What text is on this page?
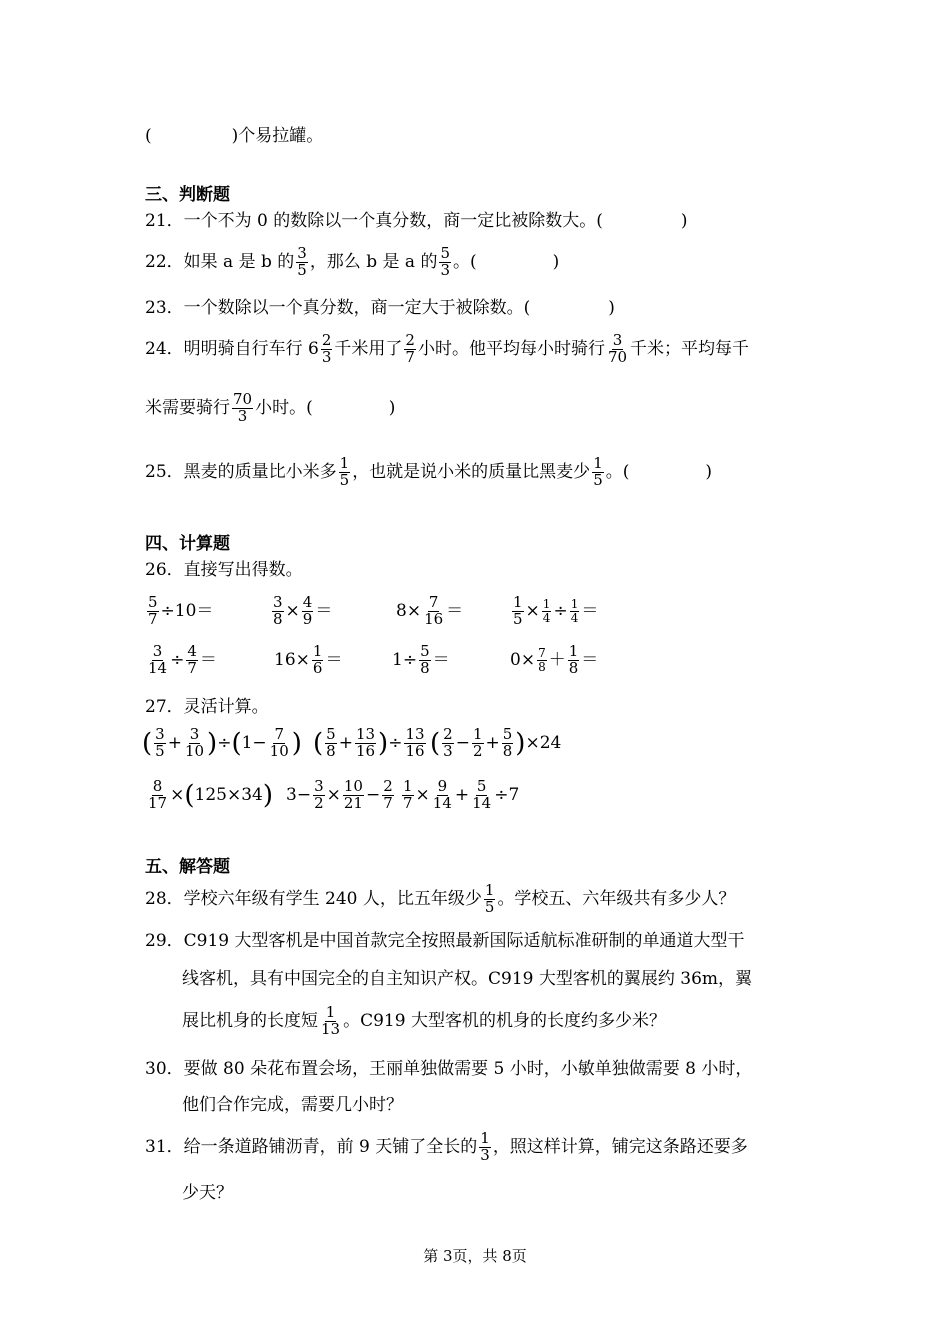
(	)个易拉罐。
三、判断题
21．一个不为 0 的数除以一个真分数，商一定比被除数大。(	)
22．如果 a 是 b 的 $\frac{3}{5}$ ，那么 b 是 a 的 $\frac{5}{3}$ 。(	)
23．一个数除以一个真分数，商一定大于被除数。(	)
24．明明骑自行车行 $6 \frac{2}{3}$ 千米用了 $\frac{2}{7}$ 小时。他平均每小时骑行 $\frac{3}{70}$ 千米；平均每千
米需要骑行 $\frac{70}{3}$ 小时。(	)
25．黑麦的质量比小米多 $\frac{1}{5}$ ，也就是说小米的质量比黑麦少 $\frac{1}{5}$ 。(	)
四、计算题
26．直接写出得数。
$\frac{5}{7} \div 10=$	$\frac{3}{8} \times \frac{4}{9}$ ＝	$8\times \frac{7}{16}$ ＝	$\frac{1}{5} \times \frac{1}{4} \div \frac{1}{4}$ ＝
$\frac{3}{14} \div \frac{4}{7}$ ＝	$16\times \frac{1}{6}$ ＝	$1\div \frac{5}{8}$ ＝	$0\times \frac{7}{8} + \frac{1}{8}$ ＝
27．灵活计算。
( $\frac{3}{5} + \frac{3}{10} )\div(1- \frac{7}{10}$ ) ( $\frac{5}{8} + \frac{13}{16}$ )÷ $\frac{13}{16}$ ( $\frac{2}{3} - \frac{1}{2} + \frac{5}{8} )\times 24$
$\frac{8}{17} \times(125\times 34)$ $3- \frac{3}{2} \times \frac{10}{21} - \frac{2}{7} \frac{1}{7} \times \frac{9}{14} + \frac{5}{14} \div 7$
五、解答题
28．学校六年级有学生 240 人，比五年级少 $\frac{1}{5}$ 。学校五、六年级共有多少人？
29．C919 大型客机是中国首款完全按照最新国际适航标准研制的单通道大型干
线客机，具有中国完全的自主知识产权。C919 大型客机的翼展约 36m，翼
展比机身的长度短 $\frac{1}{13}$ 。C919 大型客机的机身的长度约多少米？
30．要做 80 朵花布置会场，王丽单独做需要 5 小时，小敏单独做需要 8 小时，
他们合作完成，需要几小时？
31．给一条道路铺沥青，前 9 天铺了全长的 $\frac{1}{3}$ ，照这样计算，铺完这条路还要多
少天？
第 3页，共 8页
